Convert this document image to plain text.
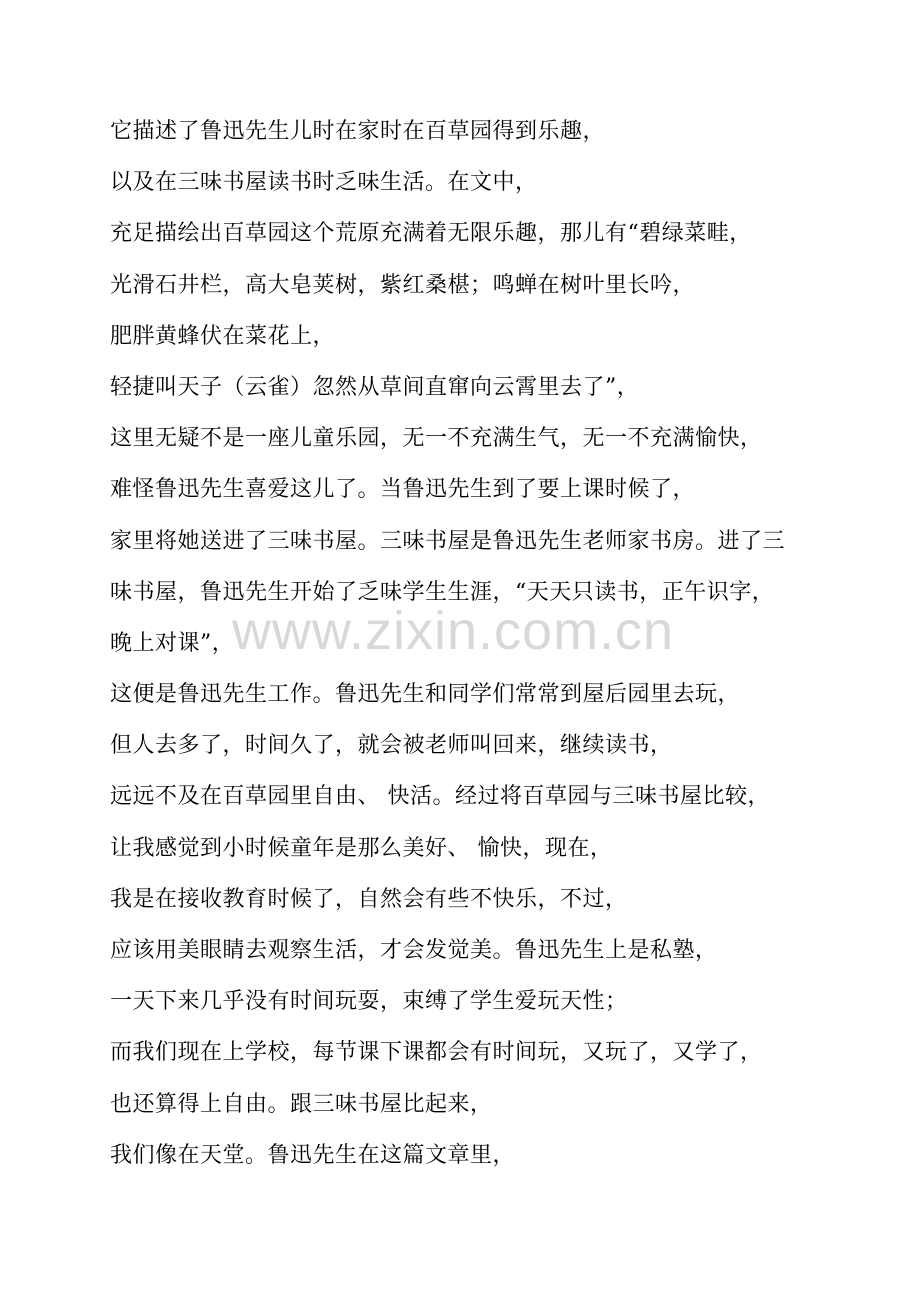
它描述了鲁迅先生儿时在家时在百草园得到乐趣，
以及在三味书屋读书时乏味生活。在文中，
充足描绘出百草园这个荒原充满着无限乐趣，那儿有“碧绿菜畦，
光滑石井栏，高大皂荚树，紫红桑椹；鸣蝉在树叶里长吟，
肥胖黄蜂伏在菜花上，
轻捷叫天子（云雀）忽然从草间直窜向云霄里去了”，
这里无疑不是一座儿童乐园，无一不充满生气，无一不充满愉快，
难怪鲁迅先生喜爱这儿了。当鲁迅先生到了要上课时候了，
家里将她送进了三味书屋。三味书屋是鲁迅先生老师家书房。进了三
味书屋，鲁迅先生开始了乏味学生生涯，“天天只读书，正午识字，
晚上对课”，
这便是鲁迅先生工作。鲁迅先生和同学们常常到屋后园里去玩，
但人去多了，时间久了，就会被老师叫回来，继续读书，
远远不及在百草园里自由、 快活。经过将百草园与三味书屋比较，
让我感觉到小时候童年是那么美好、 愉快，现在，
我是在接收教育时候了，自然会有些不快乐，不过，
应该用美眼睛去观察生活，才会发觉美。鲁迅先生上是私塾，
一天下来几乎没有时间玩耍，束缚了学生爱玩天性；
而我们现在上学校，每节课下课都会有时间玩，又玩了，又学了，
也还算得上自由。跟三味书屋比起来，
我们像在天堂。鲁迅先生在这篇文章里，
www.zixin.com.cn
